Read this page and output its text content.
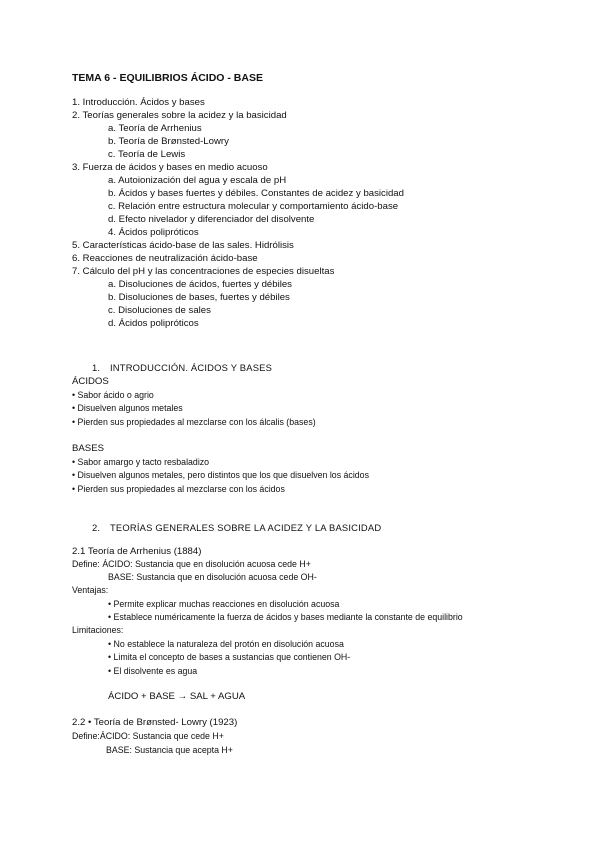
TEMA 6 - EQUILIBRIOS ÁCIDO - BASE
1. Introducción. Ácidos y bases
2. Teorías generales sobre la acidez y la basicidad
a. Teoría de Arrhenius
b. Teoría de Brønsted-Lowry
c. Teoría de Lewis
3. Fuerza de ácidos y bases en medio acuoso
a. Autoionización del agua y escala de pH
b. Ácidos y bases fuertes y débiles. Constantes de acidez y basicidad
c. Relación entre estructura molecular y comportamiento ácido-base
d. Efecto nivelador y diferenciador del disolvente
4. Ácidos polipróticos
5. Características ácido-base de las sales. Hidrólisis
6. Reacciones de neutralización ácido-base
7. Cálculo del pH y las concentraciones de especies disueltas
a. Disoluciones de ácidos, fuertes y débiles
b. Disoluciones de bases, fuertes y débiles
c. Disoluciones de sales
d. Ácidos polipróticos
1. INTRODUCCIÓN. ÁCIDOS Y BASES
ÁCIDOS
• Sabor ácido o agrio
• Disuelven algunos metales
• Pierden sus propiedades al mezclarse con los álcalis (bases)
BASES
• Sabor amargo y tacto resbaladizo
• Disuelven algunos metales, pero distintos que los que disuelven los ácidos
• Pierden sus propiedades al mezclarse con los ácidos
2. TEORÍAS GENERALES SOBRE LA ACIDEZ Y LA BASICIDAD
2.1 Teoría de Arrhenius (1884)
Define: ÁCIDO: Sustancia que en disolución acuosa cede H+
BASE: Sustancia que en disolución acuosa cede OH-
Ventajas:
• Permite explicar muchas reacciones en disolución acuosa
• Establece numéricamente la fuerza de ácidos y bases mediante la constante de equilibrio
Limitaciones:
• No establece la naturaleza del protón en disolución acuosa
• Limita el concepto de bases a sustancias que contienen OH-
• El disolvente es agua
ÁCIDO + BASE → SAL + AGUA
2.2 • Teoría de Brønsted- Lowry (1923)
Define:ÁCIDO: Sustancia que cede H+
BASE: Sustancia que acepta H+
